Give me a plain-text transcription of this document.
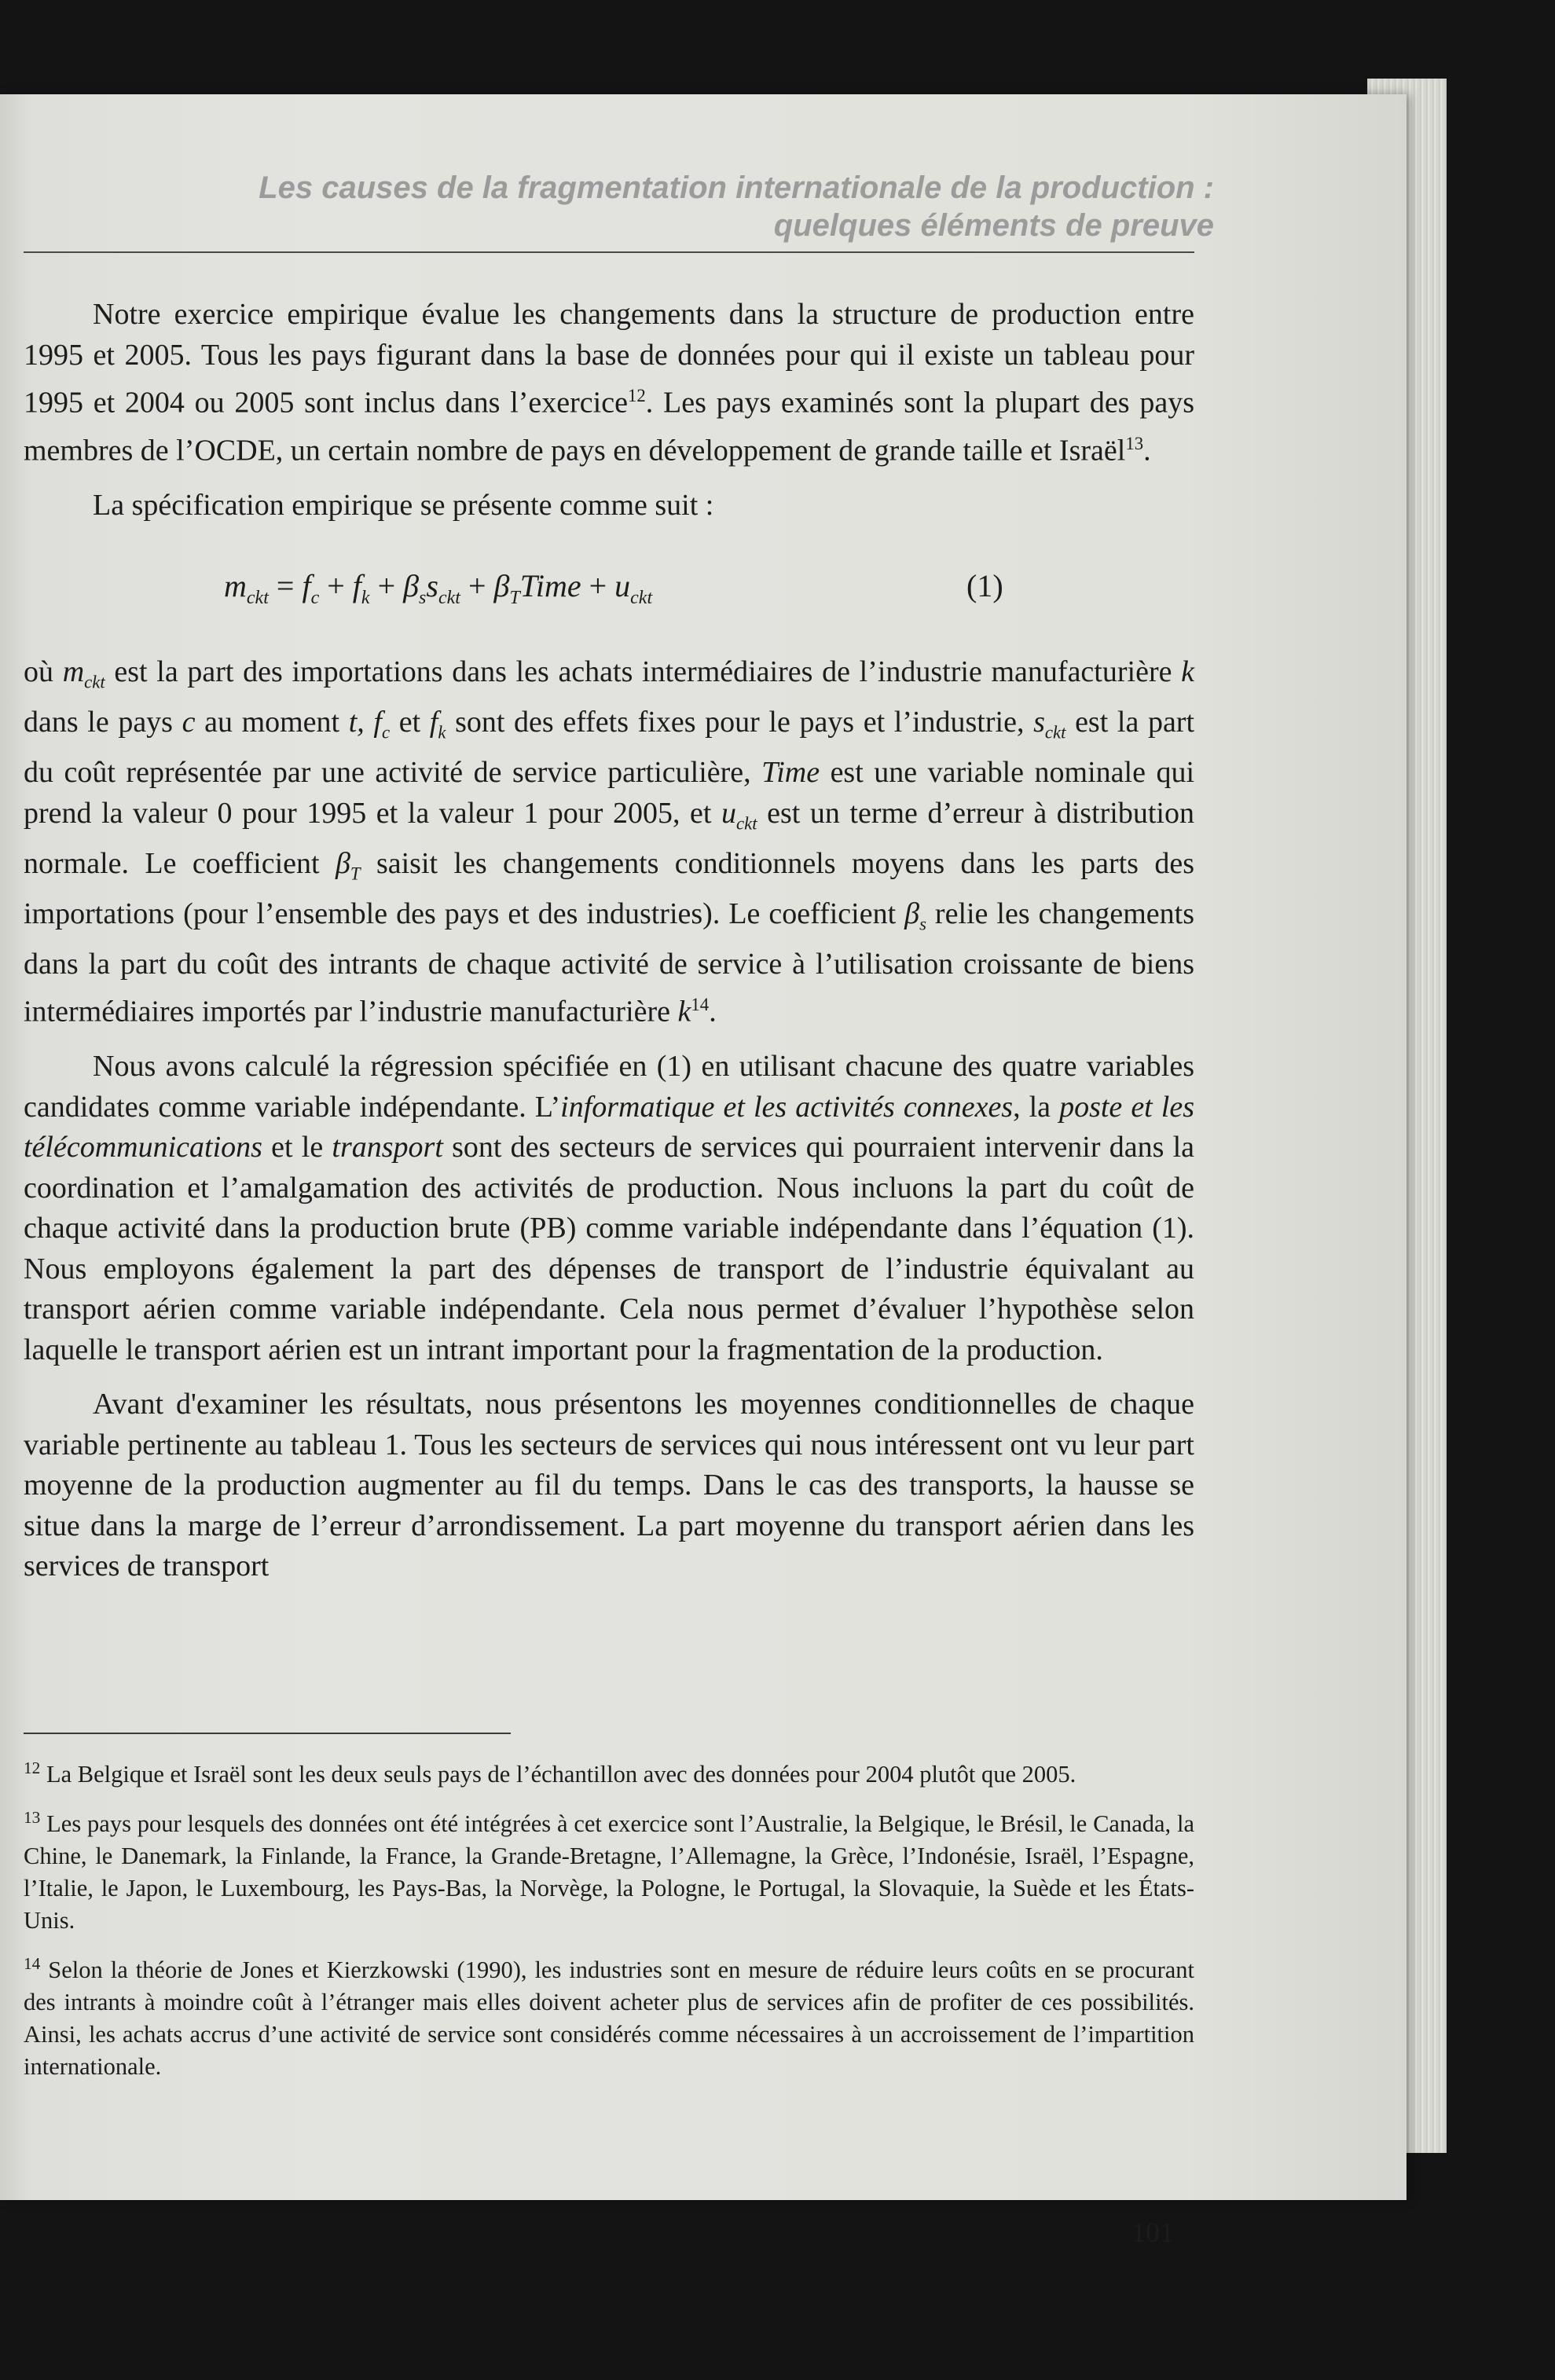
Les causes de la fragmentation internationale de la production :
quelques éléments de preuve

Notre exercice empirique évalue les changements dans la structure de production entre 1995 et 2005. Tous les pays figurant dans la base de données pour qui il existe un tableau pour 1995 et 2004 ou 2005 sont inclus dans l’exercice$^{12}$. Les pays examinés sont la plupart des pays membres de l’OCDE, un certain nombre de pays en développement de grande taille et Israël$^{13}$.

La spécification empirique se présente comme suit :

$m_{ckt} = f_c + f_k + \beta_ss_{ckt}$ + $\beta_TTime + u_{ckt}$	(1)

où $m_{ckt}$ est la part des importations dans les achats intermédiaires de l’industrie manufacturière k dans le pays c au moment t, $f_c$ et $f_k$ sont des effets fixes pour le pays et l’industrie, $s_{ckt}$ est la part du coût représentée par une activité de service particulière, Time est une variable nominale qui prend la valeur 0 pour 1995 et la valeur 1 pour 2005, et $u_{ckt}$ est un terme d’erreur à distribution normale. Le coefficient $\beta_T$ saisit les changements conditionnels moyens dans les parts des importations (pour l’ensemble des pays et des industries). Le coefficient $\beta_s$ relie les changements dans la part du coût des intrants de chaque activité de service à l’utilisation croissante de biens intermédiaires importés par l’industrie manufacturière $k^{14}$.

Nous avons calculé la régression spécifiée en (1) en utilisant chacune des quatre variables candidates comme variable indépendante. L’informatique et les activités connexes, la poste et les télécommunications et le transport sont des secteurs de services qui pourraient intervenir dans la coordination et l’amalgamation des activités de production. Nous incluons la part du coût de chaque activité dans la production brute (PB) comme variable indépendante dans l’équation (1). Nous employons également la part des dépenses de transport de l’industrie équivalant au transport aérien comme variable indépendante. Cela nous permet d’évaluer l’hypothèse selon laquelle le transport aérien est un intrant important pour la fragmentation de la production.

Avant d'examiner les résultats, nous présentons les moyennes conditionnelles de chaque variable pertinente au tableau 1. Tous les secteurs de services qui nous intéressent ont vu leur part moyenne de la production augmenter au fil du temps. Dans le cas des transports, la hausse se situe dans la marge de l’erreur d’arrondissement. La part moyenne du transport aérien dans les services de transport

$^{12}$ La Belgique et Israël sont les deux seuls pays de l’échantillon avec des données pour 2004 plutôt que 2005.

$^{13}$ Les pays pour lesquels des données ont été intégrées à cet exercice sont l’Australie, la Belgique, le Brésil, le Canada, la Chine, le Danemark, la Finlande, la France, la Grande-Bretagne, l’Allemagne, la Grèce, l’Indonésie, Israël, l’Espagne, l’Italie, le Japon, le Luxembourg, les Pays-Bas, la Norvège, la Pologne, le Portugal, la Slovaquie, la Suède et les États-Unis.

$^{14}$ Selon la théorie de Jones et Kierzkowski (1990), les industries sont en mesure de réduire leurs coûts en se procurant des intrants à moindre coût à l’étranger mais elles doivent acheter plus de services afin de profiter de ces possibilités. Ainsi, les achats accrus d’une activité de service sont considérés comme nécessaires à un accroissement de l’impartition internationale.

101
